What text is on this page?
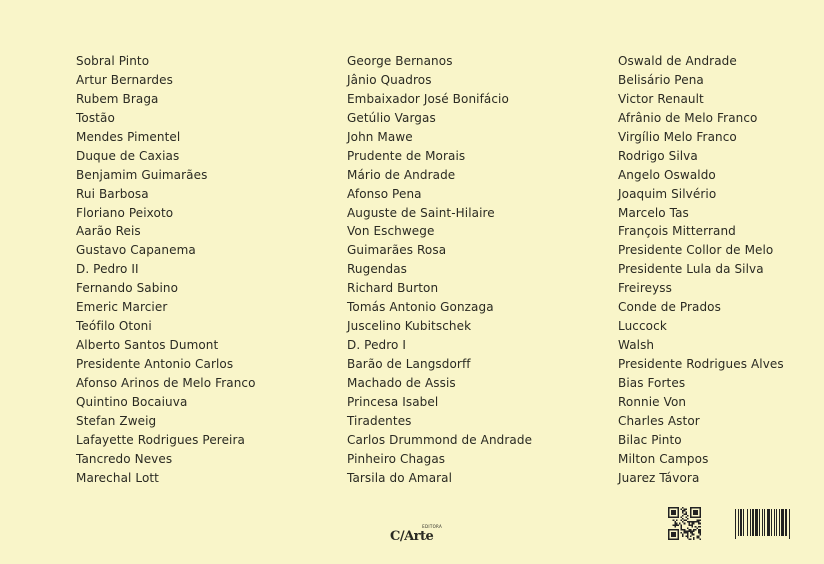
Sobral Pinto
Artur Bernardes
Rubem Braga
Tostão
Mendes Pimentel
Duque de Caxias
Benjamim Guimarães
Rui Barbosa
Floriano Peixoto
Aarão Reis
Gustavo Capanema
D. Pedro II
Fernando Sabino
Emeric Marcier
Teófilo Otoni
Alberto Santos Dumont
Presidente Antonio Carlos
Afonso Arinos de Melo Franco
Quintino Bocaiuva
Stefan Zweig
Lafayette Rodrigues Pereira
Tancredo Neves
Marechal Lott
George Bernanos
Jânio Quadros
Embaixador José Bonifácio
Getúlio Vargas
John Mawe
Prudente de Morais
Mário de Andrade
Afonso Pena
Auguste de Saint-Hilaire
Von Eschwege
Guimarães Rosa
Rugendas
Richard Burton
Tomás Antonio Gonzaga
Juscelino Kubitschek
D. Pedro I
Barão de Langsdorff
Machado de Assis
Princesa Isabel
Tiradentes
Carlos Drummond de Andrade
Pinheiro Chagas
Tarsila do Amaral
Oswald de Andrade
Belisário Pena
Victor Renault
Afrânio de Melo Franco
Virgílio Melo Franco
Rodrigo Silva
Angelo Oswaldo
Joaquim Silvério
Marcelo Tas
François Mitterrand
Presidente Collor de Melo
Presidente Lula da Silva
Freireyss
Conde de Prados
Luccock
Walsh
Presidente Rodrigues Alves
Bias Fortes
Ronnie Von
Charles Astor
Bilac Pinto
Milton Campos
Juarez Távora
EDITORA
C/Arte
